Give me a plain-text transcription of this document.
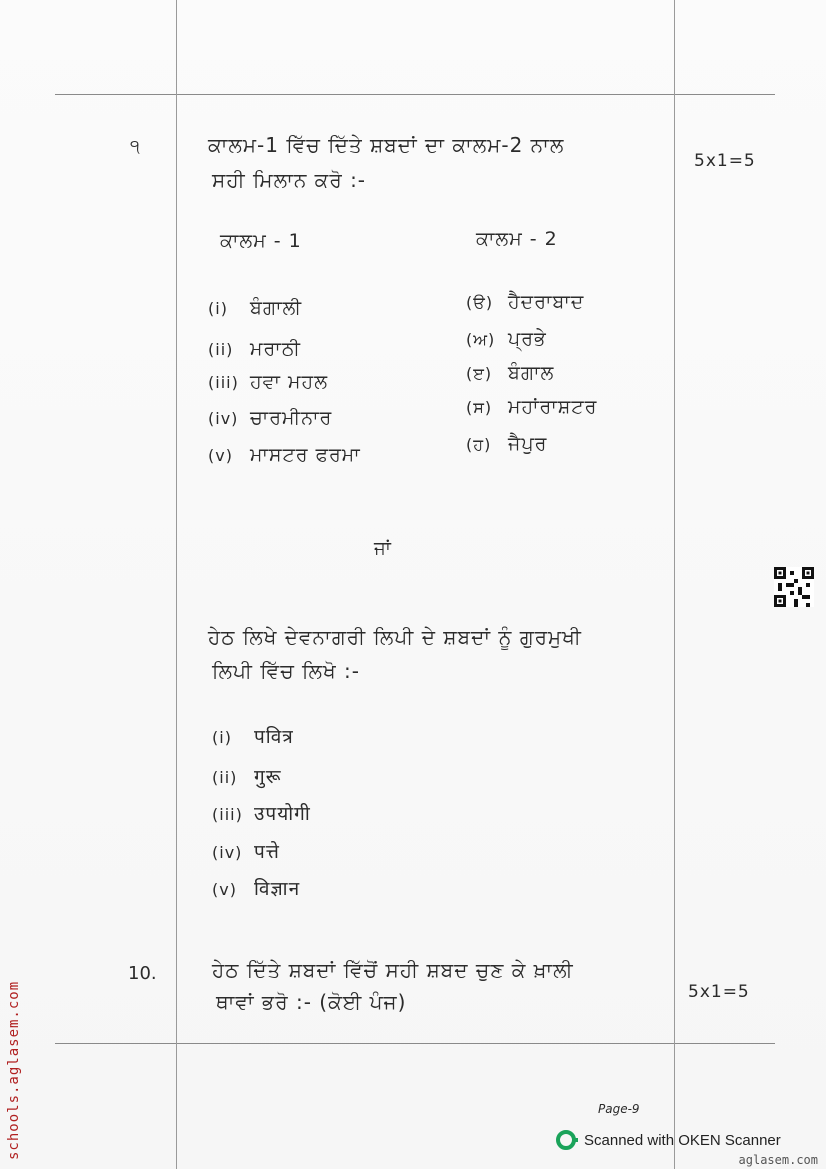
੧
5x1=5
ਕਾਲਮ-1 ਵਿੱਚ ਦਿੱਤੇ ਸ਼ਬਦਾਂ ਦਾ ਕਾਲਮ-2 ਨਾਲ
ਸਹੀ ਮਿਲਾਨ ਕਰੋ :-
ਕਾਲਮ - 1	ਕਾਲਮ - 2
(i) ਬੰਗਾਲੀ
(ii) ਮਰਾਠੀ
(iii) ਹਵਾ ਮਹਲ
(iv) ਚਾਰਮੀਨਾਰ
(v) ਮਾਸਟਰ ਫਰਮਾ
(ੳ) ਹੈਦਰਾਬਾਦ
(ਅ) ਪ੍ਰਭੇ
(ੲ) ਬੰਗਾਲ
(ਸ) ਮਹਾਂਰਾਸ਼ਟਰ
(ਹ) ਜੈਪੁਰ
ਜਾਂ
ਹੇਠ ਲਿਖੇ ਦੇਵਨਾਗਰੀ ਲਿਪੀ ਦੇ ਸ਼ਬਦਾਂ ਨੂੰ ਗੁਰਮੁਖੀ
ਲਿਪੀ ਵਿੱਚ ਲਿਖੋ :-
(i) पवित्र
(ii) गुरू
(iii) उपयोगी
(iv) पत्ते
(v) विज्ञान
10.
5x1=5
ਹੇਠ ਦਿੱਤੇ ਸ਼ਬਦਾਂ ਵਿੱਚੋਂ ਸਹੀ ਸ਼ਬਦ ਚੁਣ ਕੇ ਖ਼ਾਲੀ
ਥਾਵਾਂ ਭਰੋ :- (ਕੋਈ ਪੰਜ)
Page-9
Scanned with OKEN Scanner
schools.aglasem.com	aglasem.com
